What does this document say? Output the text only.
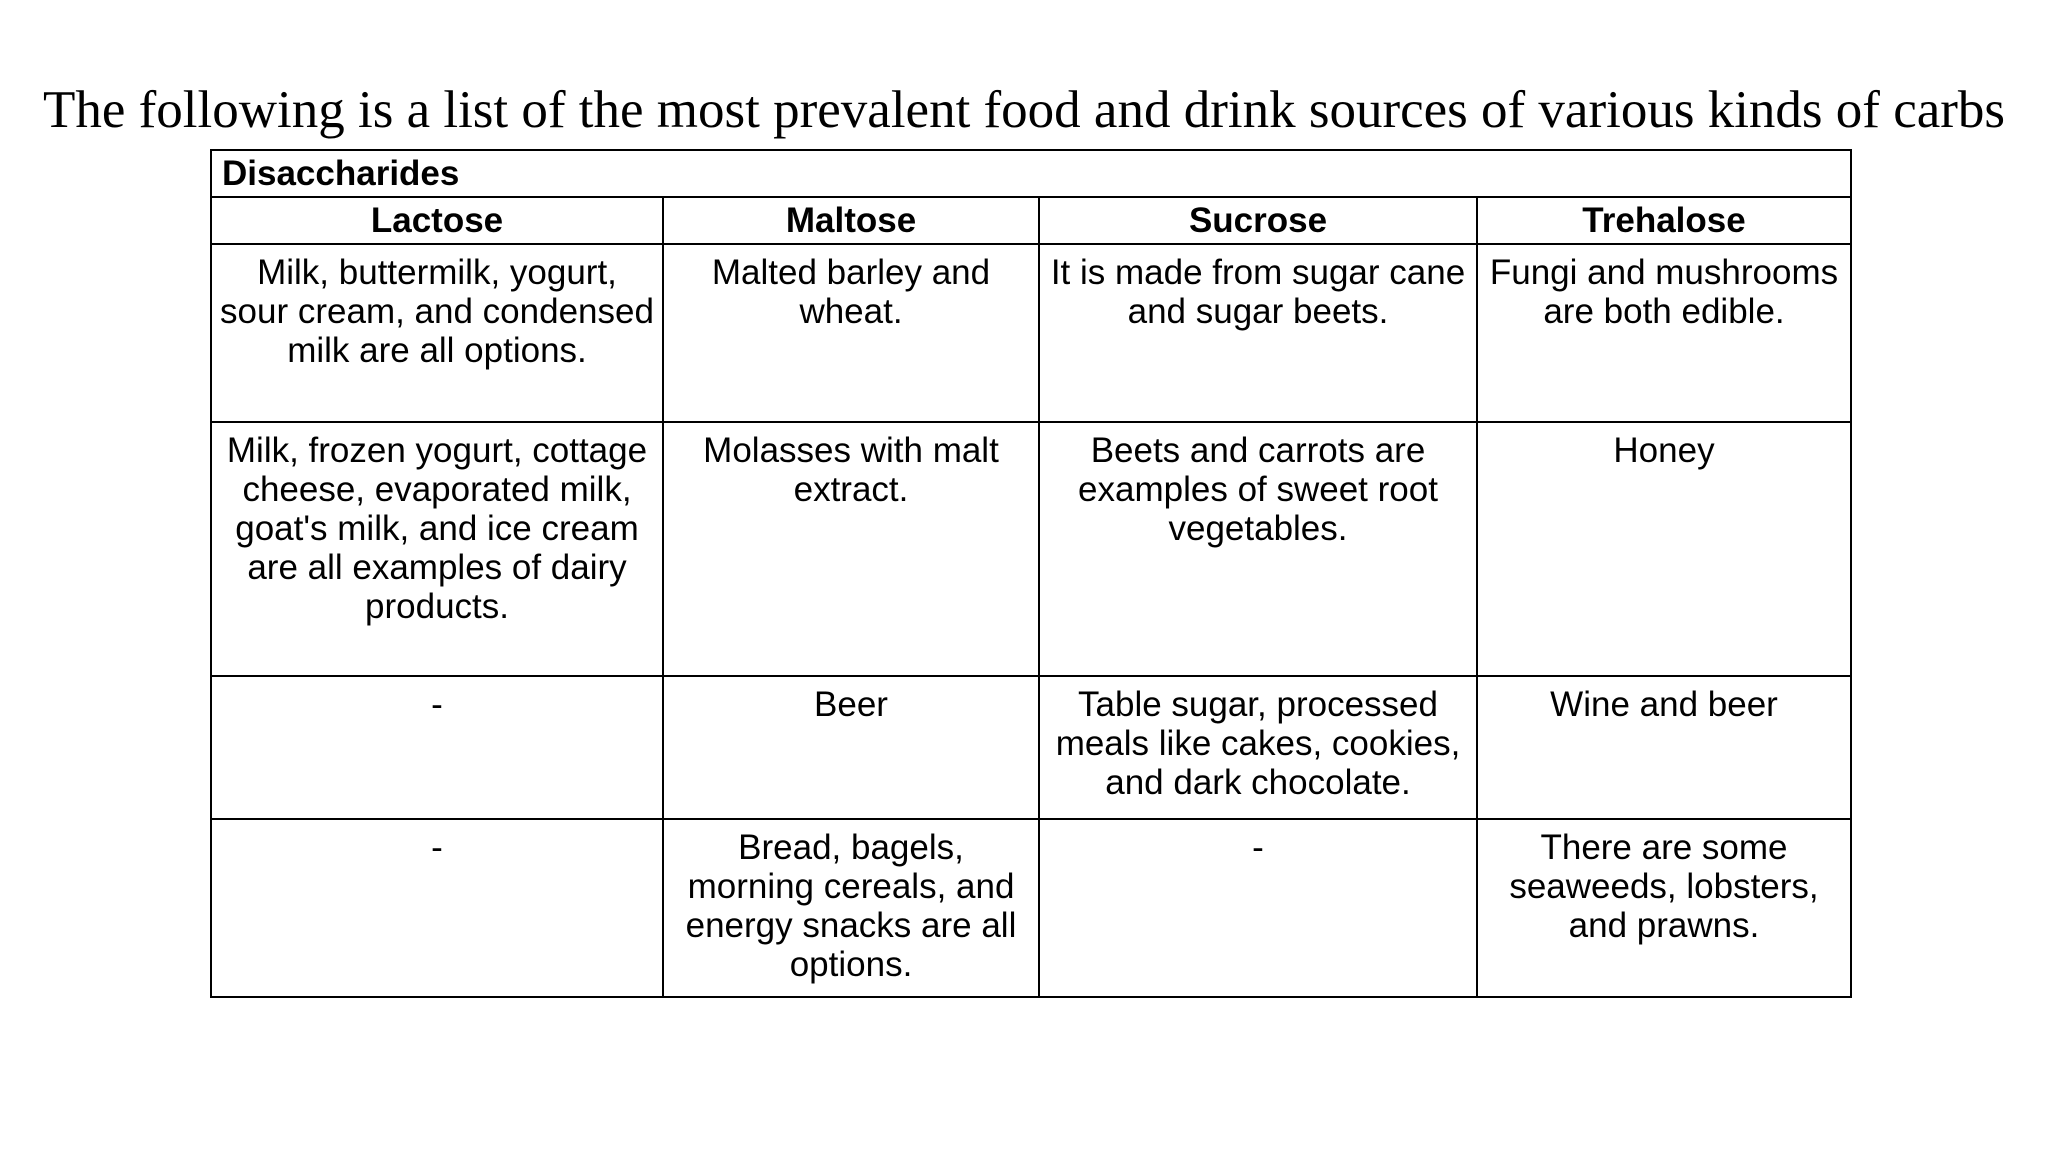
The following is a list of the most prevalent food and drink sources of various kinds of carbs
Disaccharides			
Lactose	Maltose	Sucrose	Trehalose
Milk, buttermilk, yogurt, sour cream, and condensed milk are all options.	Malted barley and wheat.	It is made from sugar cane and sugar beets.	Fungi and mushrooms are both edible.
Milk, frozen yogurt, cottage cheese, evaporated milk, goat's milk, and ice cream are all examples of dairy products.	Molasses with malt extract.	Beets and carrots are examples of sweet root vegetables.	Honey
-	Beer	Table sugar, processed meals like cakes, cookies, and dark chocolate.	Wine and beer
-	Bread, bagels, morning cereals, and energy snacks are all options.	-	There are some seaweeds, lobsters, and prawns.
